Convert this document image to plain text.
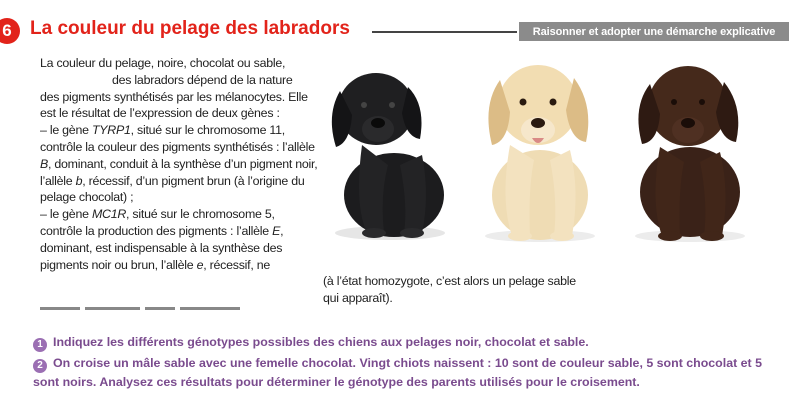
6 La couleur du pelage des labradors	Raisonner et adopter une démarche explicative

La couleur du pelage, noire, chocolat ou sable,

des labradors dépend de la nature

des pigments synthétisés par les mélanocytes. Elle est le résultat de l’expression de deux gènes :

– le gène TYRP1, situé sur le chromosome 11, contrôle la couleur des pigments synthétisés : l’allèle B, dominant, conduit à la synthèse d’un pigment noir, l’allèle b, récessif, d’un pigment brun (à l’origine du pelage chocolat) ;

– le gène MC1R, situé sur le chromosome 5, contrôle la production des pigments : l’allèle E, dominant, est indispensable à la synthèse des pigments noir ou brun, l’allèle e, récessif, ne

(à l’état homozygote, c’est alors un pelage sable qui apparaît).
1 Indiquez les différents génotypes possibles des chiens aux pelages noir, chocolat et sable.
2 On croise un mâle sable avec une femelle chocolat. Vingt chiots naissent : 10 sont de couleur sable, 5 sont chocolat et 5 sont noirs. Analysez ces résultats pour déterminer le génotype des parents utilisés pour le croisement.
